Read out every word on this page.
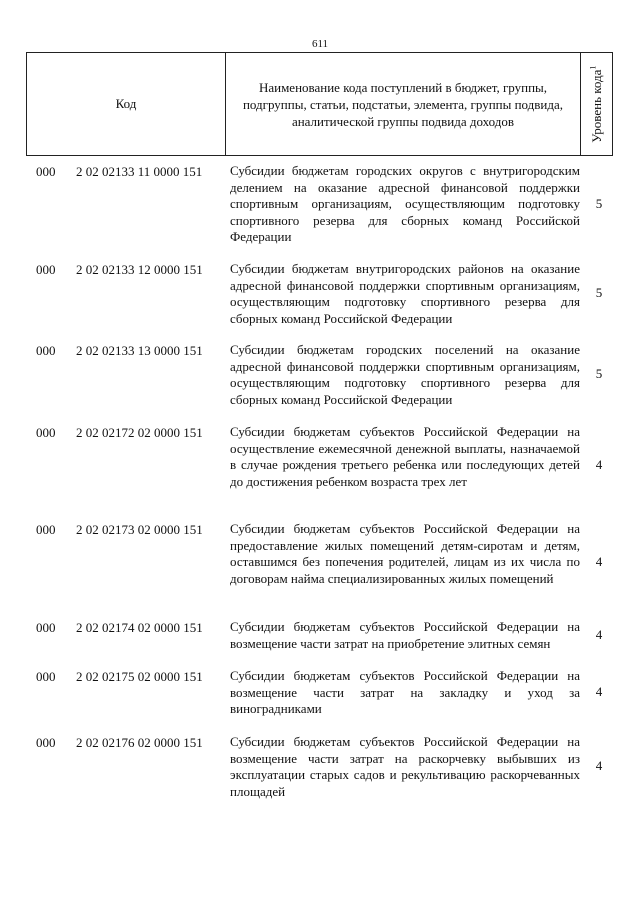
611
Код
Наименование кода поступлений в бюджет, группы, подгруппы, статьи, подстатьи, элемента, группы подвида, аналитической группы подвида доходов	Уровень кода$^1$
000 2 02 02133 11 0000 151 Субсидии бюджетам городских округов с внутригородским делением на оказание адресной финансовой поддержки спортивным организациям, осуществляющим подготовку спортивного резерва для сборных команд Российской Федерации
5
000 2 02 02133 12 0000 151 Субсидии бюджетам внутригородских районов на оказание адресной финансовой поддержки спортивным организациям, осуществляющим подготовку спортивного резерва для сборных команд Российской Федерации
5
000 2 02 02133 13 0000 151 Субсидии бюджетам городских поселений на оказание адресной финансовой поддержки спортивным организациям, осуществляющим подготовку спортивного резерва для сборных команд Российской Федерации
5
000 2 02 02172 02 0000 151 Субсидии бюджетам субъектов Российской Федерации на осуществление ежемесячной денежной выплаты, назначаемой в случае рождения третьего ребенка или последующих детей до достижения ребенком возраста трех лет
4
000 2 02 02173 02 0000 151 Субсидии бюджетам субъектов Российской Федерации на предоставление жилых помещений детям-сиротам и детям, оставшимся без попечения родителей, лицам из их числа по договорам найма специализированных жилых помещений
4
000 2 02 02174 02 0000 151 Субсидии бюджетам субъектов Российской Федерации на возмещение части затрат на приобретение элитных семян
4
000 2 02 02175 02 0000 151 Субсидии бюджетам субъектов Российской Федерации на возмещение части затрат на закладку и уход за виноградниками
4
000 2 02 02176 02 0000 151 Субсидии бюджетам субъектов Российской Федерации на возмещение части затрат на раскорчевку выбывших из эксплуатации старых садов и рекультивацию раскорчеванных площадей
4
